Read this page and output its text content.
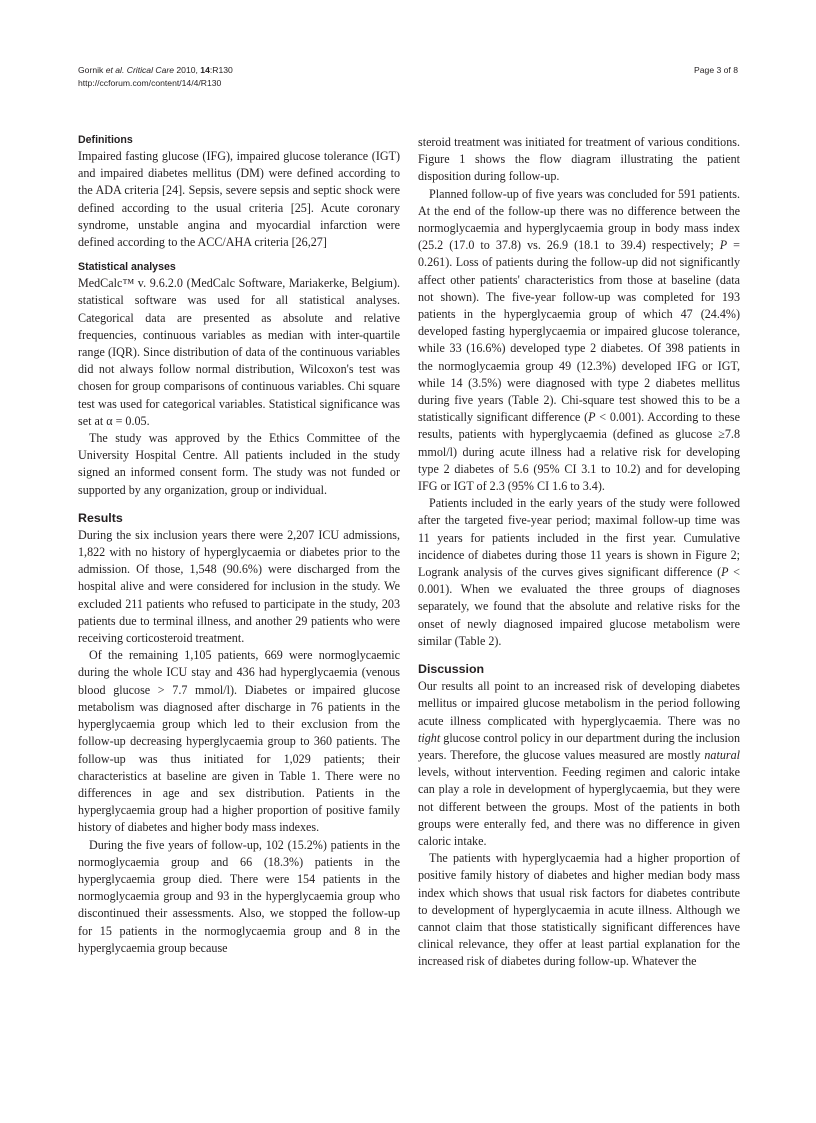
Gornik et al. Critical Care 2010, 14:R130
http://ccforum.com/content/14/4/R130
Page 3 of 8
Definitions

Impaired fasting glucose (IFG), impaired glucose tolerance (IGT) and impaired diabetes mellitus (DM) were defined according to the ADA criteria [24]. Sepsis, severe sepsis and septic shock were defined according to the usual criteria [25]. Acute coronary syndrome, unstable angina and myocardial infarction were defined according to the ACC/AHA criteria [26,27]

Statistical analyses

MedCalc™ v. 9.6.2.0 (MedCalc Software, Mariakerke, Belgium). statistical software was used for all statistical analyses. Categorical data are presented as absolute and relative frequencies, continuous variables as median with inter-quartile range (IQR). Since distribution of data of the continuous variables did not always follow normal distribution, Wilcoxon's test was chosen for group comparisons of continuous variables. Chi square test was used for categorical variables. Statistical significance was set at α = 0.05.

The study was approved by the Ethics Committee of the University Hospital Centre. All patients included in the study signed an informed consent form. The study was not funded or supported by any organization, group or individual.

Results

During the six inclusion years there were 2,207 ICU admissions, 1,822 with no history of hyperglycaemia or diabetes prior to the admission. Of those, 1,548 (90.6%) were discharged from the hospital alive and were considered for inclusion in the study. We excluded 211 patients who refused to participate in the study, 203 patients due to terminal illness, and another 29 patients who were receiving corticosteroid treatment.

Of the remaining 1,105 patients, 669 were normoglycaemic during the whole ICU stay and 436 had hyperglycaemia (venous blood glucose > 7.7 mmol/l). Diabetes or impaired glucose metabolism was diagnosed after discharge in 76 patients in the hyperglycaemia group which led to their exclusion from the follow-up decreasing hyperglycaemia group to 360 patients. The follow-up was thus initiated for 1,029 patients; their characteristics at baseline are given in Table 1. There were no differences in age and sex distribution. Patients in the hyperglycaemia group had a higher proportion of positive family history of diabetes and higher body mass indexes.

During the five years of follow-up, 102 (15.2%) patients in the normoglycaemia group and 66 (18.3%) patients in the hyperglycaemia group died. There were 154 patients in the normoglycaemia group and 93 in the hyperglycaemia group who discontinued their assessments. Also, we stopped the follow-up for 15 patients in the normoglycaemia group and 8 in the hyperglycaemia group because

steroid treatment was initiated for treatment of various conditions. Figure 1 shows the flow diagram illustrating the patient disposition during follow-up.

Planned follow-up of five years was concluded for 591 patients. At the end of the follow-up there was no difference between the normoglycaemia and hyperglycaemia group in body mass index (25.2 (17.0 to 37.8) vs. 26.9 (18.1 to 39.4) respectively; P = 0.261). Loss of patients during the follow-up did not significantly affect other patients' characteristics from those at baseline (data not shown). The five-year follow-up was completed for 193 patients in the hyperglycaemia group of which 47 (24.4%) developed fasting hyperglycaemia or impaired glucose tolerance, while 33 (16.6%) developed type 2 diabetes. Of 398 patients in the normoglycaemia group 49 (12.3%) developed IFG or IGT, while 14 (3.5%) were diagnosed with type 2 diabetes mellitus during five years (Table 2). Chi-square test showed this to be a statistically significant difference (P < 0.001). According to these results, patients with hyperglycaemia (defined as glucose ≥7.8 mmol/l) during acute illness had a relative risk for developing type 2 diabetes of 5.6 (95% CI 3.1 to 10.2) and for developing IFG or IGT of 2.3 (95% CI 1.6 to 3.4).

Patients included in the early years of the study were followed after the targeted five-year period; maximal follow-up time was 11 years for patients included in the first year. Cumulative incidence of diabetes during those 11 years is shown in Figure 2; Logrank analysis of the curves gives significant difference (P < 0.001). When we evaluated the three groups of diagnoses separately, we found that the absolute and relative risks for the onset of newly diagnosed impaired glucose metabolism were similar (Table 2).

Discussion

Our results all point to an increased risk of developing diabetes mellitus or impaired glucose metabolism in the period following acute illness complicated with hyperglycaemia. There was no tight glucose control policy in our department during the inclusion years. Therefore, the glucose values measured are mostly natural levels, without intervention. Feeding regimen and caloric intake can play a role in development of hyperglycaemia, but they were not different between the groups. Most of the patients in both groups were enterally fed, and there was no difference in given caloric intake.

The patients with hyperglycaemia had a higher proportion of positive family history of diabetes and higher median body mass index which shows that usual risk factors for diabetes contribute to development of hyperglycaemia in acute illness. Although we cannot claim that those statistically significant differences have clinical relevance, they offer at least partial explanation for the increased risk of diabetes during follow-up. Whatever the
